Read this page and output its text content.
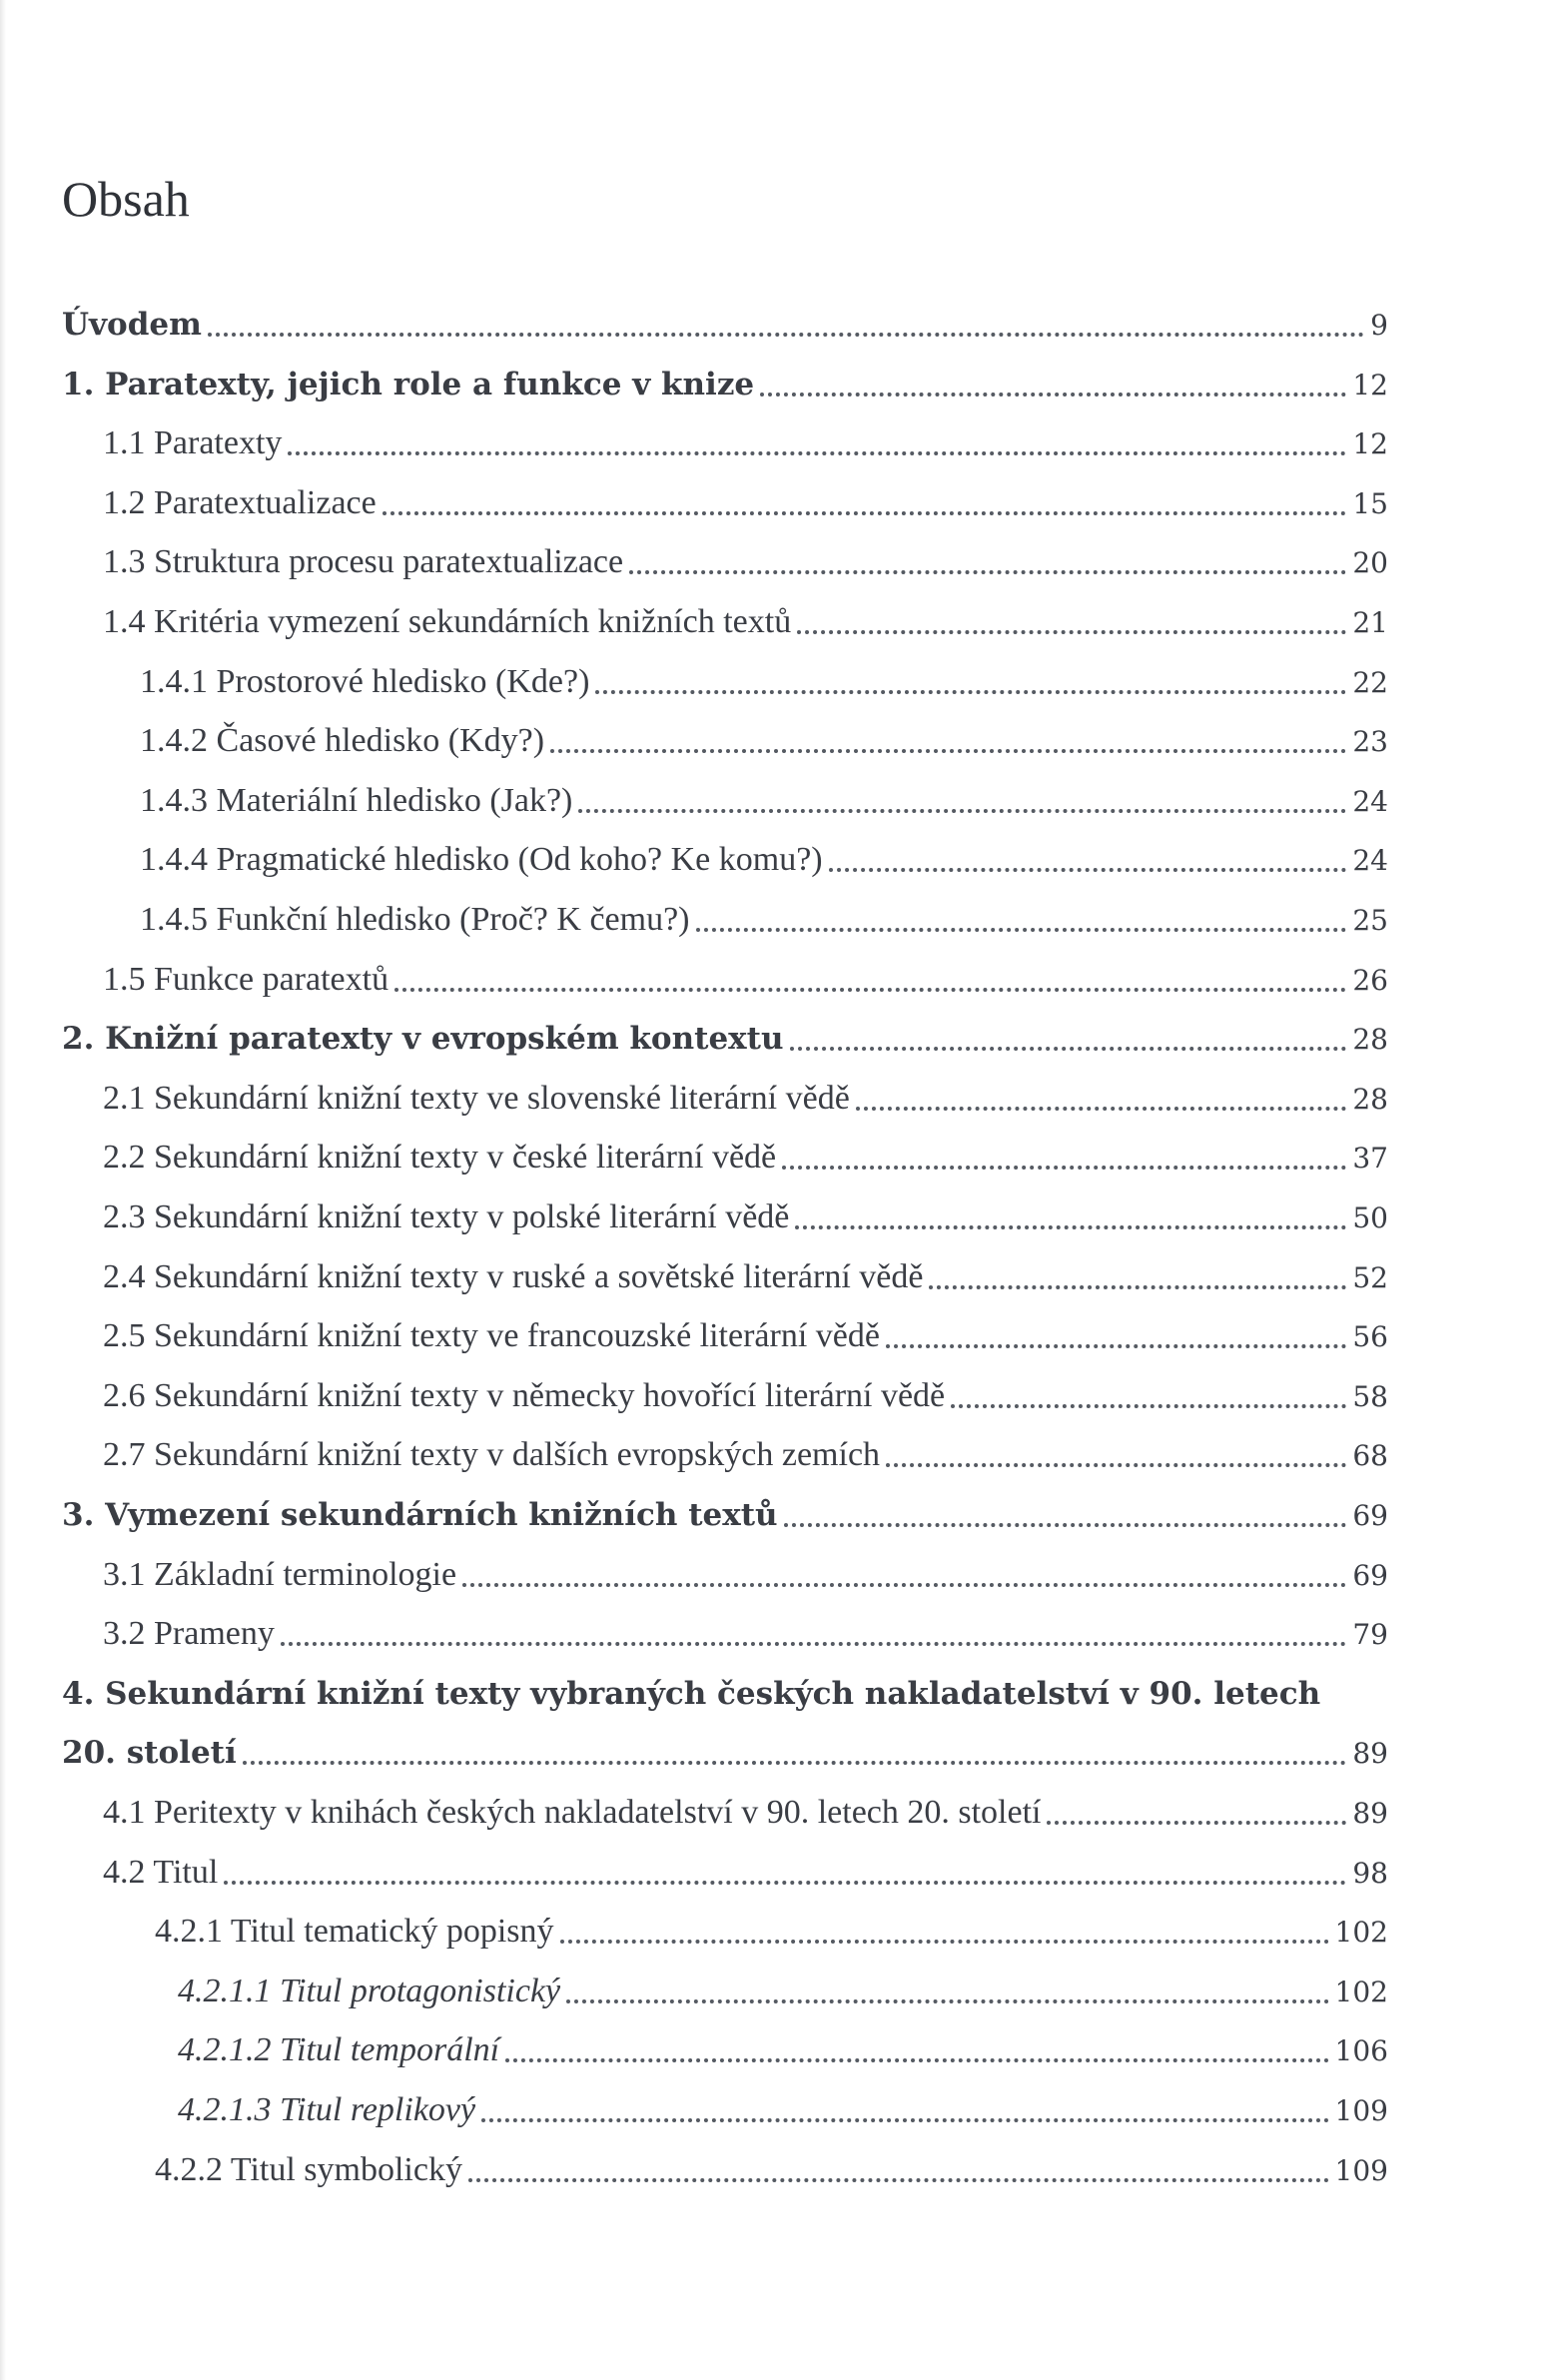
Obsah
Úvodem	9
1. Paratexty, jejich role a funkce v knize	12
1.1 Paratexty	12
1.2 Paratextualizace	15
1.3 Struktura procesu paratextualizace	20
1.4 Kritéria vymezení sekundárních knižních textů	21
1.4.1 Prostorové hledisko (Kde?)	22
1.4.2 Časové hledisko (Kdy?)	23
1.4.3 Materiální hledisko (Jak?)	24
1.4.4 Pragmatické hledisko (Od koho? Ke komu?)	24
1.4.5 Funkční hledisko (Proč? K čemu?)	25
1.5 Funkce paratextů	26
2. Knižní paratexty v evropském kontextu	28
2.1 Sekundární knižní texty ve slovenské literární vědě	28
2.2 Sekundární knižní texty v české literární vědě	37
2.3 Sekundární knižní texty v polské literární vědě	50
2.4 Sekundární knižní texty v ruské a sovětské literární vědě	52
2.5 Sekundární knižní texty ve francouzské literární vědě	56
2.6 Sekundární knižní texty v německy hovořící literární vědě	58
2.7 Sekundární knižní texty v dalších evropských zemích	68
3. Vymezení sekundárních knižních textů	69
3.1 Základní terminologie	69
3.2 Prameny	79
4. Sekundární knižní texty vybraných českých nakladatelství v 90. letech
20. století	89
4.1 Peritexty v knihách českých nakladatelství v 90. letech 20. století	89
4.2 Titul	98
4.2.1 Titul tematický popisný	102
4.2.1.1 Titul protagonistický	102
4.2.1.2 Titul temporální	106
4.2.1.3 Titul replikový	109
4.2.2 Titul symbolický	109
